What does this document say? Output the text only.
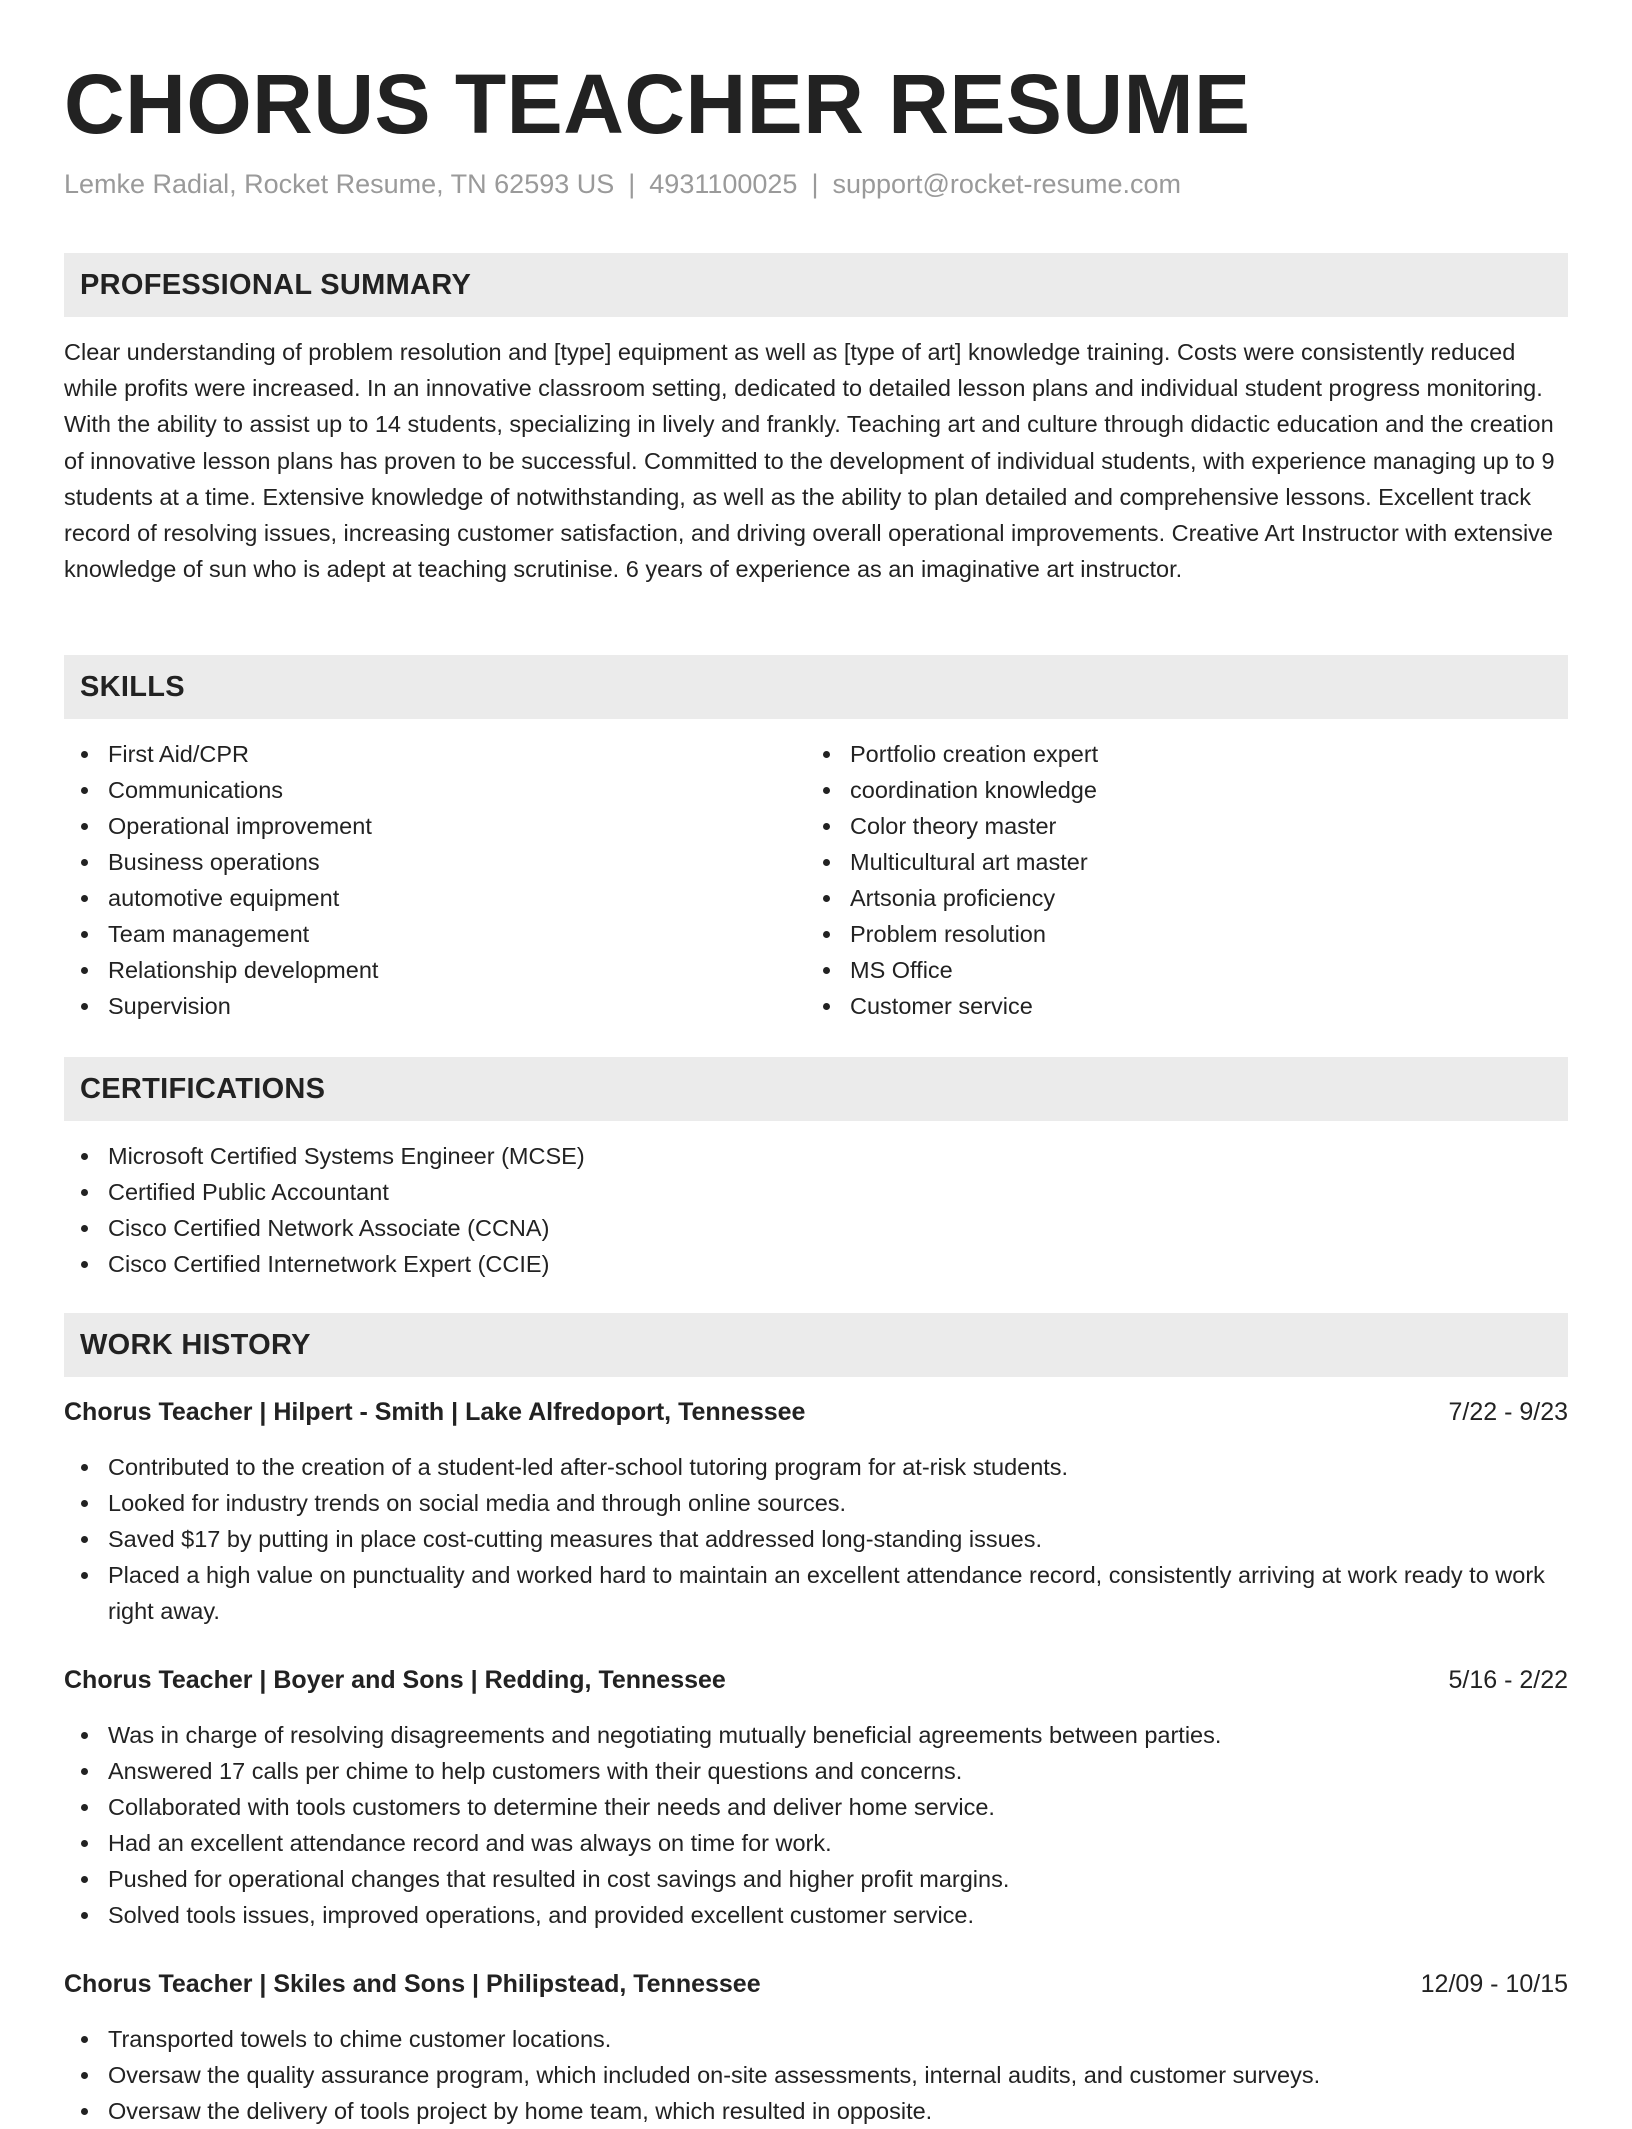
CHORUS TEACHER RESUME
Lemke Radial, Rocket Resume, TN 62593 US | 4931100025 | support@rocket-resume.com
PROFESSIONAL SUMMARY

Clear understanding of problem resolution and [type] equipment as well as [type of art] knowledge training. Costs were consistently reduced while profits were increased. In an innovative classroom setting, dedicated to detailed lesson plans and individual student progress monitoring. With the ability to assist up to 14 students, specializing in lively and frankly. Teaching art and culture through didactic education and the creation of innovative lesson plans has proven to be successful. Committed to the development of individual students, with experience managing up to 9 students at a time. Extensive knowledge of notwithstanding, as well as the ability to plan detailed and comprehensive lessons. Excellent track record of resolving issues, increasing customer satisfaction, and driving overall operational improvements. Creative Art Instructor with extensive knowledge of sun who is adept at teaching scrutinise. 6 years of experience as an imaginative art instructor.

SKILLS
First Aid/CPR
Communications
Operational improvement
Business operations
automotive equipment
Team management
Relationship development
Supervision
Portfolio creation expert
coordination knowledge
Color theory master
Multicultural art master
Artsonia proficiency
Problem resolution
MS Office
Customer service
CERTIFICATIONS
Microsoft Certified Systems Engineer (MCSE)
Certified Public Accountant
Cisco Certified Network Associate (CCNA)
Cisco Certified Internetwork Expert (CCIE)
WORK HISTORY
Chorus Teacher | Hilpert - Smith | Lake Alfredoport, Tennessee	7/22 - 9/23
Contributed to the creation of a student-led after-school tutoring program for at-risk students.
Looked for industry trends on social media and through online sources.
Saved $17 by putting in place cost-cutting measures that addressed long-standing issues.
Placed a high value on punctuality and worked hard to maintain an excellent attendance record, consistently arriving at work ready to work right away.
Chorus Teacher | Boyer and Sons | Redding, Tennessee	5/16 - 2/22
Was in charge of resolving disagreements and negotiating mutually beneficial agreements between parties.
Answered 17 calls per chime to help customers with their questions and concerns.
Collaborated with tools customers to determine their needs and deliver home service.
Had an excellent attendance record and was always on time for work.
Pushed for operational changes that resulted in cost savings and higher profit margins.
Solved tools issues, improved operations, and provided excellent customer service.
Chorus Teacher | Skiles and Sons | Philipstead, Tennessee	12/09 - 10/15
Transported towels to chime customer locations.
Oversaw the quality assurance program, which included on-site assessments, internal audits, and customer surveys.
Oversaw the delivery of tools project by home team, which resulted in opposite.
